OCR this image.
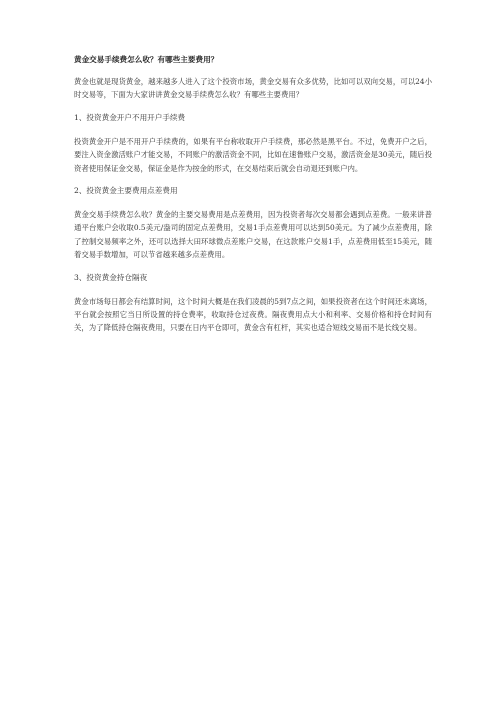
黄金交易手续费怎么收？有哪些主要费用？

黄金也就是现货黄金，越来越多人进入了这个投资市场，黄金交易有众多优势，比如可以双向交易，可以24小时交易等，下面为大家讲讲黄金交易手续费怎么收？有哪些主要费用？

1、投资黄金开户不用开户手续费

投资黄金开户是不用开户手续费的，如果有平台称收取开户手续费，那必然是黑平台。不过，免费开户之后，要注入资金激活账户才能交易，不同账户的激活资金不同，比如在速鲁账户交易，激活资金是30美元，随后投资者使用保证金交易，保证金是作为按金的形式，在交易结束后就会自动退还到账户内。

2、投资黄金主要费用点差费用

黄金交易手续费怎么收？黄金的主要交易费用是点差费用，因为投资者每次交易都会遇到点差费。一般来讲普通平台账户会收取0.5美元/盎司的固定点差费用，交易1手点差费用可以达到50美元。为了减少点差费用，除了控制交易频率之外，还可以选择大田环球微点差账户交易，在这款账户交易1手，点差费用低至15美元，随着交易手数增加，可以节省越来越多点差费用。

3、投资黄金持仓隔夜

黄金市场每日都会有结算时间，这个时间大概是在我们凌晨的5到7点之间，如果投资者在这个时间还未离场，平台就会按照它当日所设置的持仓费率，收取持仓过夜费。隔夜费用点大小和利率、交易价格和持仓时间有关，为了降低持仓隔夜费用，只要在日内平仓即可，黄金含有杠杆，其实也适合短线交易而不是长线交易。
